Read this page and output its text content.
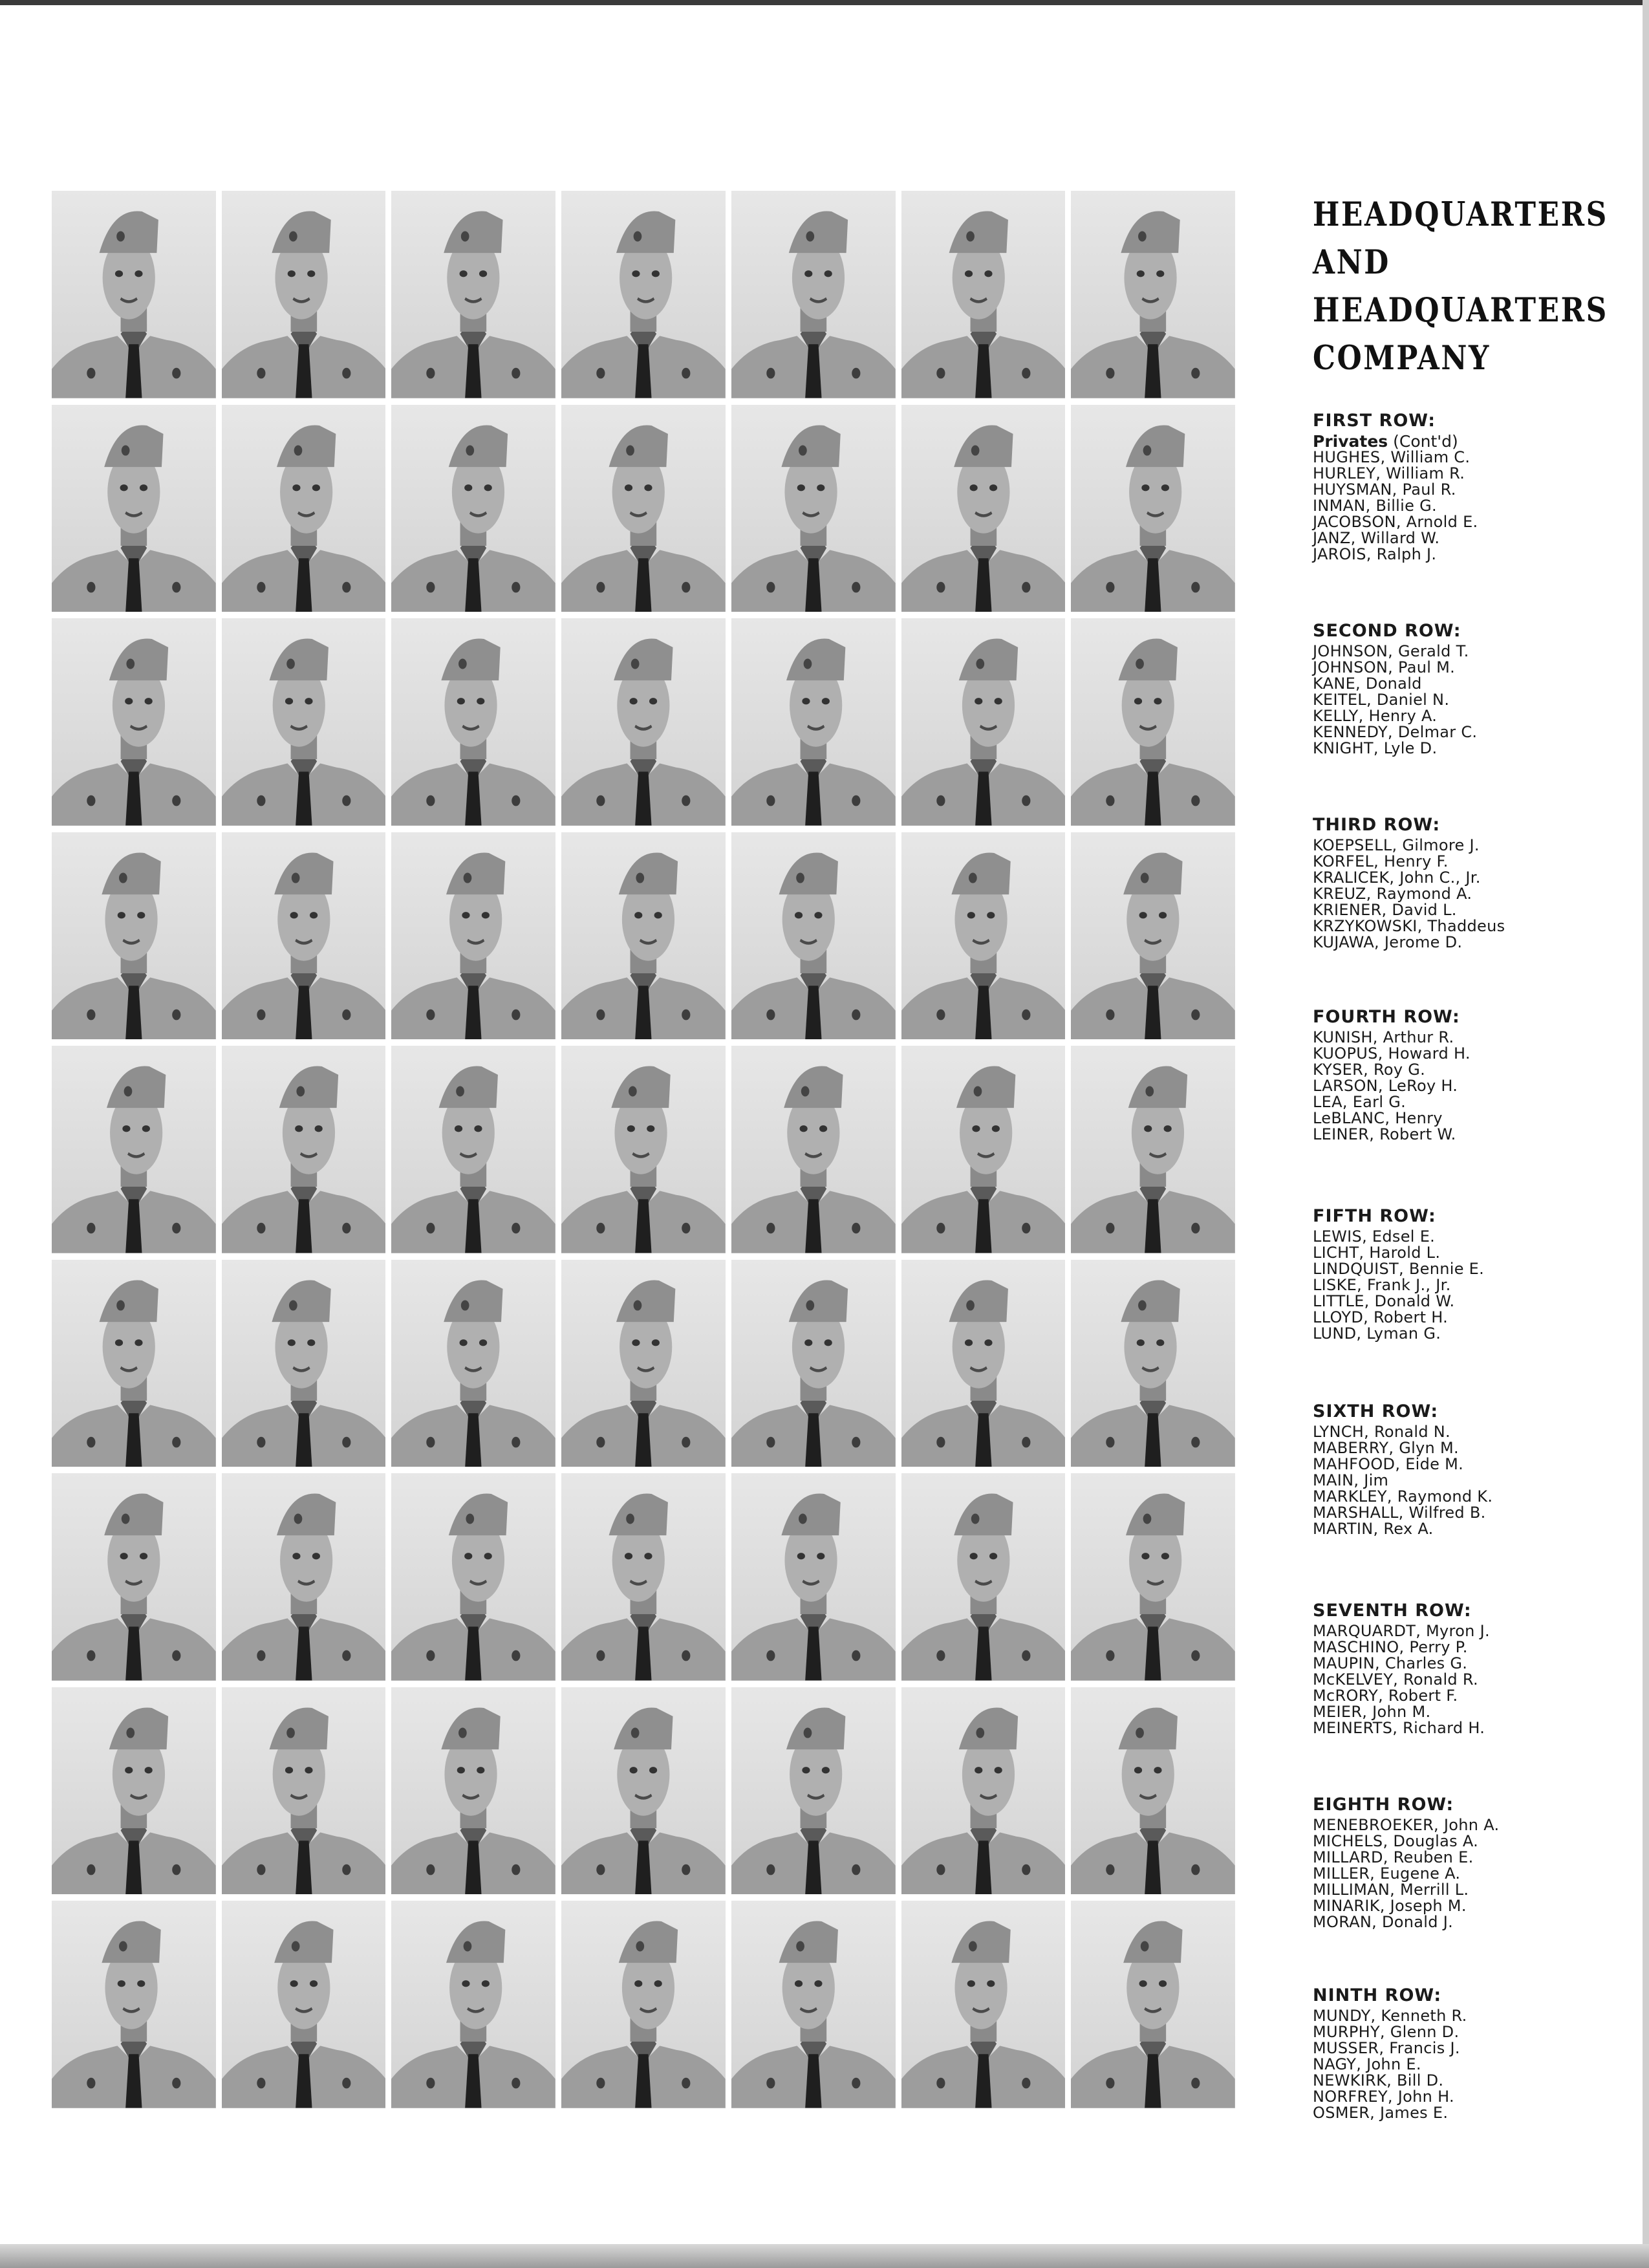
HEADQUARTERS

AND

HEADQUARTERS

COMPANY

FIRST ROW:

Privates (Cont'd)

HUGHES, William C.
HURLEY, William R.
HUYSMAN, Paul R.
INMAN, Billie G.
JACOBSON, Arnold E.
JANZ, Willard W.
JAROIS, Ralph J.

SECOND ROW:

JOHNSON, Gerald T.
JOHNSON, Paul M.
KANE, Donald
KEITEL, Daniel N.
KELLY, Henry A.
KENNEDY, Delmar C.
KNIGHT, Lyle D.

THIRD ROW:

KOEPSELL, Gilmore J.
KORFEL, Henry F.
KRALICEK, John C., Jr.
KREUZ, Raymond A.
KRIENER, David L.
KRZYKOWSKI, Thaddeus
KUJAWA, Jerome D.

FOURTH ROW:

KUNISH, Arthur R.
KUOPUS, Howard H.
KYSER, Roy G.
LARSON, LeRoy H.
LEA, Earl G.
LeBLANC, Henry
LEINER, Robert W.

FIFTH ROW:

LEWIS, Edsel E.
LICHT, Harold L.
LINDQUIST, Bennie E.
LISKE, Frank J., Jr.
LITTLE, Donald W.
LLOYD, Robert H.
LUND, Lyman G.

SIXTH ROW:

LYNCH, Ronald N.
MABERRY, Glyn M.
MAHFOOD, Eide M.
MAIN, Jim
MARKLEY, Raymond K.
MARSHALL, Wilfred B.
MARTIN, Rex A.

SEVENTH ROW:

MARQUARDT, Myron J.
MASCHINO, Perry P.
MAUPIN, Charles G.
McKELVEY, Ronald R.
McRORY, Robert F.
MEIER, John M.
MEINERTS, Richard H.

EIGHTH ROW:

MENEBROEKER, John A.
MICHELS, Douglas A.
MILLARD, Reuben E.
MILLER, Eugene A.
MILLIMAN, Merrill L.
MINARIK, Joseph M.
MORAN, Donald J.

NINTH ROW:

MUNDY, Kenneth R.
MURPHY, Glenn D.
MUSSER, Francis J.
NAGY, John E.
NEWKIRK, Bill D.
NORFREY, John H.
OSMER, James E.
